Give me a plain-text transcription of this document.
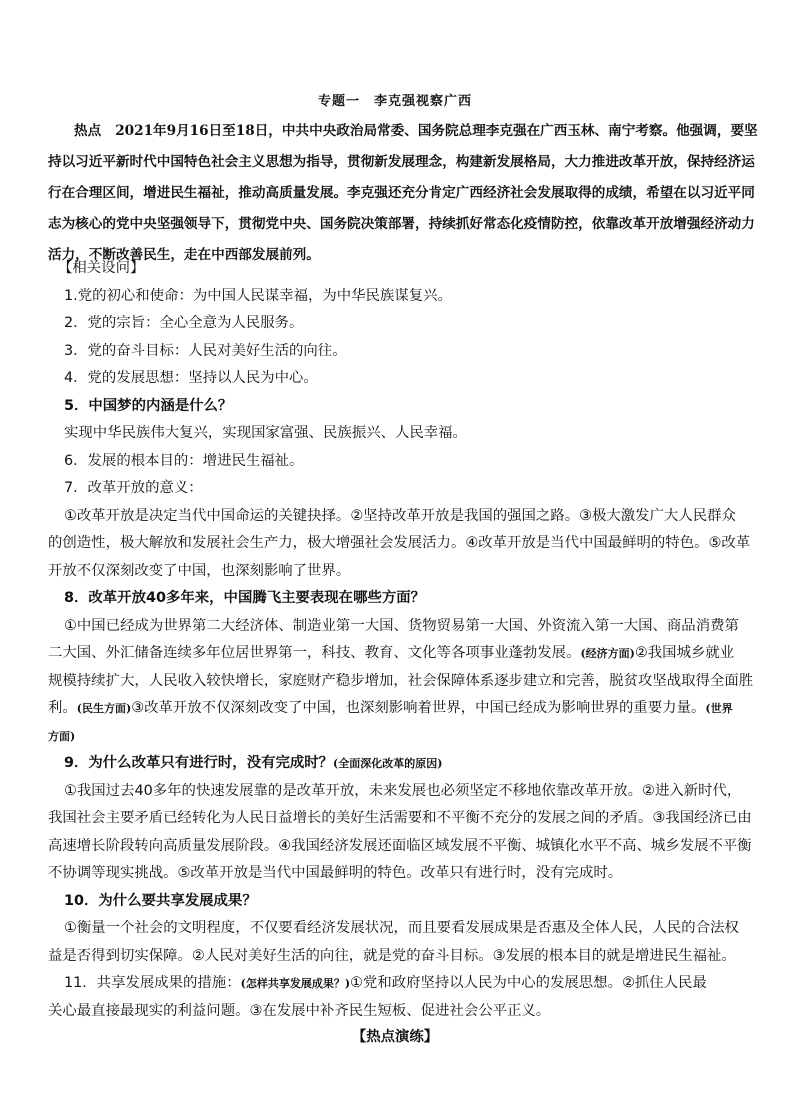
专题一　李克强视察广西
热点 2021年9月16日至18日，中共中央政治局常委、国务院总理李克强在广西玉林、南宁考察。他强调，要坚持以习近平新时代中国特色社会主义思想为指导，贯彻新发展理念，构建新发展格局，大力推进改革开放，保持经济运行在合理区间，增进民生福祉，推动高质量发展。李克强还充分肯定广西经济社会发展取得的成绩，希望在以习近平同志为核心的党中央坚强领导下，贯彻党中央、国务院决策部署，持续抓好常态化疫情防控，依靠改革开放增强经济动力活力，不断改善民生，走在中西部发展前列。
【相关设问】
1.党的初心和使命：为中国人民谋幸福，为中华民族谋复兴。
2．党的宗旨：全心全意为人民服务。
3．党的奋斗目标：人民对美好生活的向往。
4．党的发展思想：坚持以人民为中心。
5．中国梦的内涵是什么？
实现中华民族伟大复兴，实现国家富强、民族振兴、人民幸福。
6．发展的根本目的：增进民生福祉。
7．改革开放的意义：
①改革开放是决定当代中国命运的关键抉择。②坚持改革开放是我国的强国之路。③极大激发广大人民群众
的创造性，极大解放和发展社会生产力，极大增强社会发展活力。④改革开放是当代中国最鲜明的特色。⑤改革
开放不仅深刻改变了中国，也深刻影响了世界。
8．改革开放40多年来，中国腾飞主要表现在哪些方面？
①中国已经成为世界第二大经济体、制造业第一大国、货物贸易第一大国、外资流入第一大国、商品消费第
二大国、外汇储备连续多年位居世界第一，科技、教育、文化等各项事业蓬勃发展。(经济方面)②我国城乡就业
规模持续扩大，人民收入较快增长，家庭财产稳步增加，社会保障体系逐步建立和完善，脱贫攻坚战取得全面胜
利。(民生方面)③改革开放不仅深刻改变了中国，也深刻影响着世界，中国已经成为影响世界的重要力量。(世界
方面)
9．为什么改革只有进行时，没有完成时？(全面深化改革的原因)
①我国过去40多年的快速发展靠的是改革开放，未来发展也必须坚定不移地依靠改革开放。②进入新时代，
我国社会主要矛盾已经转化为人民日益增长的美好生活需要和不平衡不充分的发展之间的矛盾。③我国经济已由
高速增长阶段转向高质量发展阶段。④我国经济发展还面临区域发展不平衡、城镇化水平不高、城乡发展不平衡
不协调等现实挑战。⑤改革开放是当代中国最鲜明的特色。改革只有进行时，没有完成时。
10．为什么要共享发展成果？
①衡量一个社会的文明程度，不仅要看经济发展状况，而且要看发展成果是否惠及全体人民，人民的合法权
益是否得到切实保障。②人民对美好生活的向往，就是党的奋斗目标。③发展的根本目的就是增进民生福祉。
11．共享发展成果的措施：(怎样共享发展成果？)①党和政府坚持以人民为中心的发展思想。②抓住人民最
关心最直接最现实的利益问题。③在发展中补齐民生短板、促进社会公平正义。
【热点演练】
